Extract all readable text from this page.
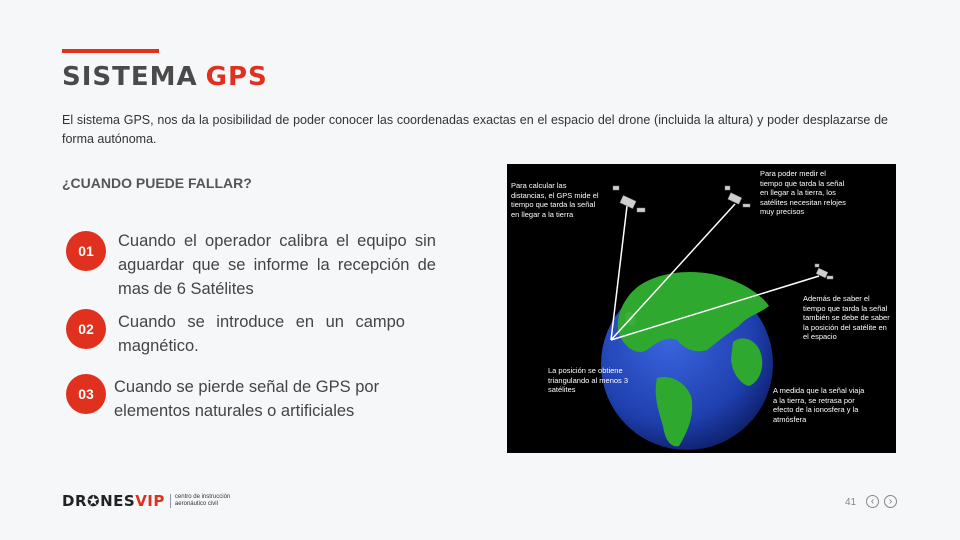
SISTEMA GPS

El sistema GPS, nos da la posibilidad de poder conocer las coordenadas exactas en el espacio del drone (incluida la altura) y poder desplazarse de forma autónoma.

¿CUANDO PUEDE FALLAR?

01
Cuando el operador calibra el equipo sin aguardar que se informe la recepción de mas de 6 Satélites
02	Cuando se introduce en un campo magnético.
03	Cuando se pierde señal de GPS por elementos naturales o artificiales
Para calcular las distancias, el GPS mide el tiempo que tarda la señal en llegar a la tierra
Para poder medir el tiempo que tarda la señal en llegar a la tierra, los satélites necesitan relojes muy precisos
Además de saber el tiempo que tarda la señal también se debe de saber la posición del satélite en el espacio
La posición se obtiene triangulando al menos 3 satélites	A medida que la señal viaja a la tierra, se retrasa por efecto de la ionosfera y la atmósfera
DR✪NESVIP	centro de instrucción
aeronáutico civil	41 ‹ ›
